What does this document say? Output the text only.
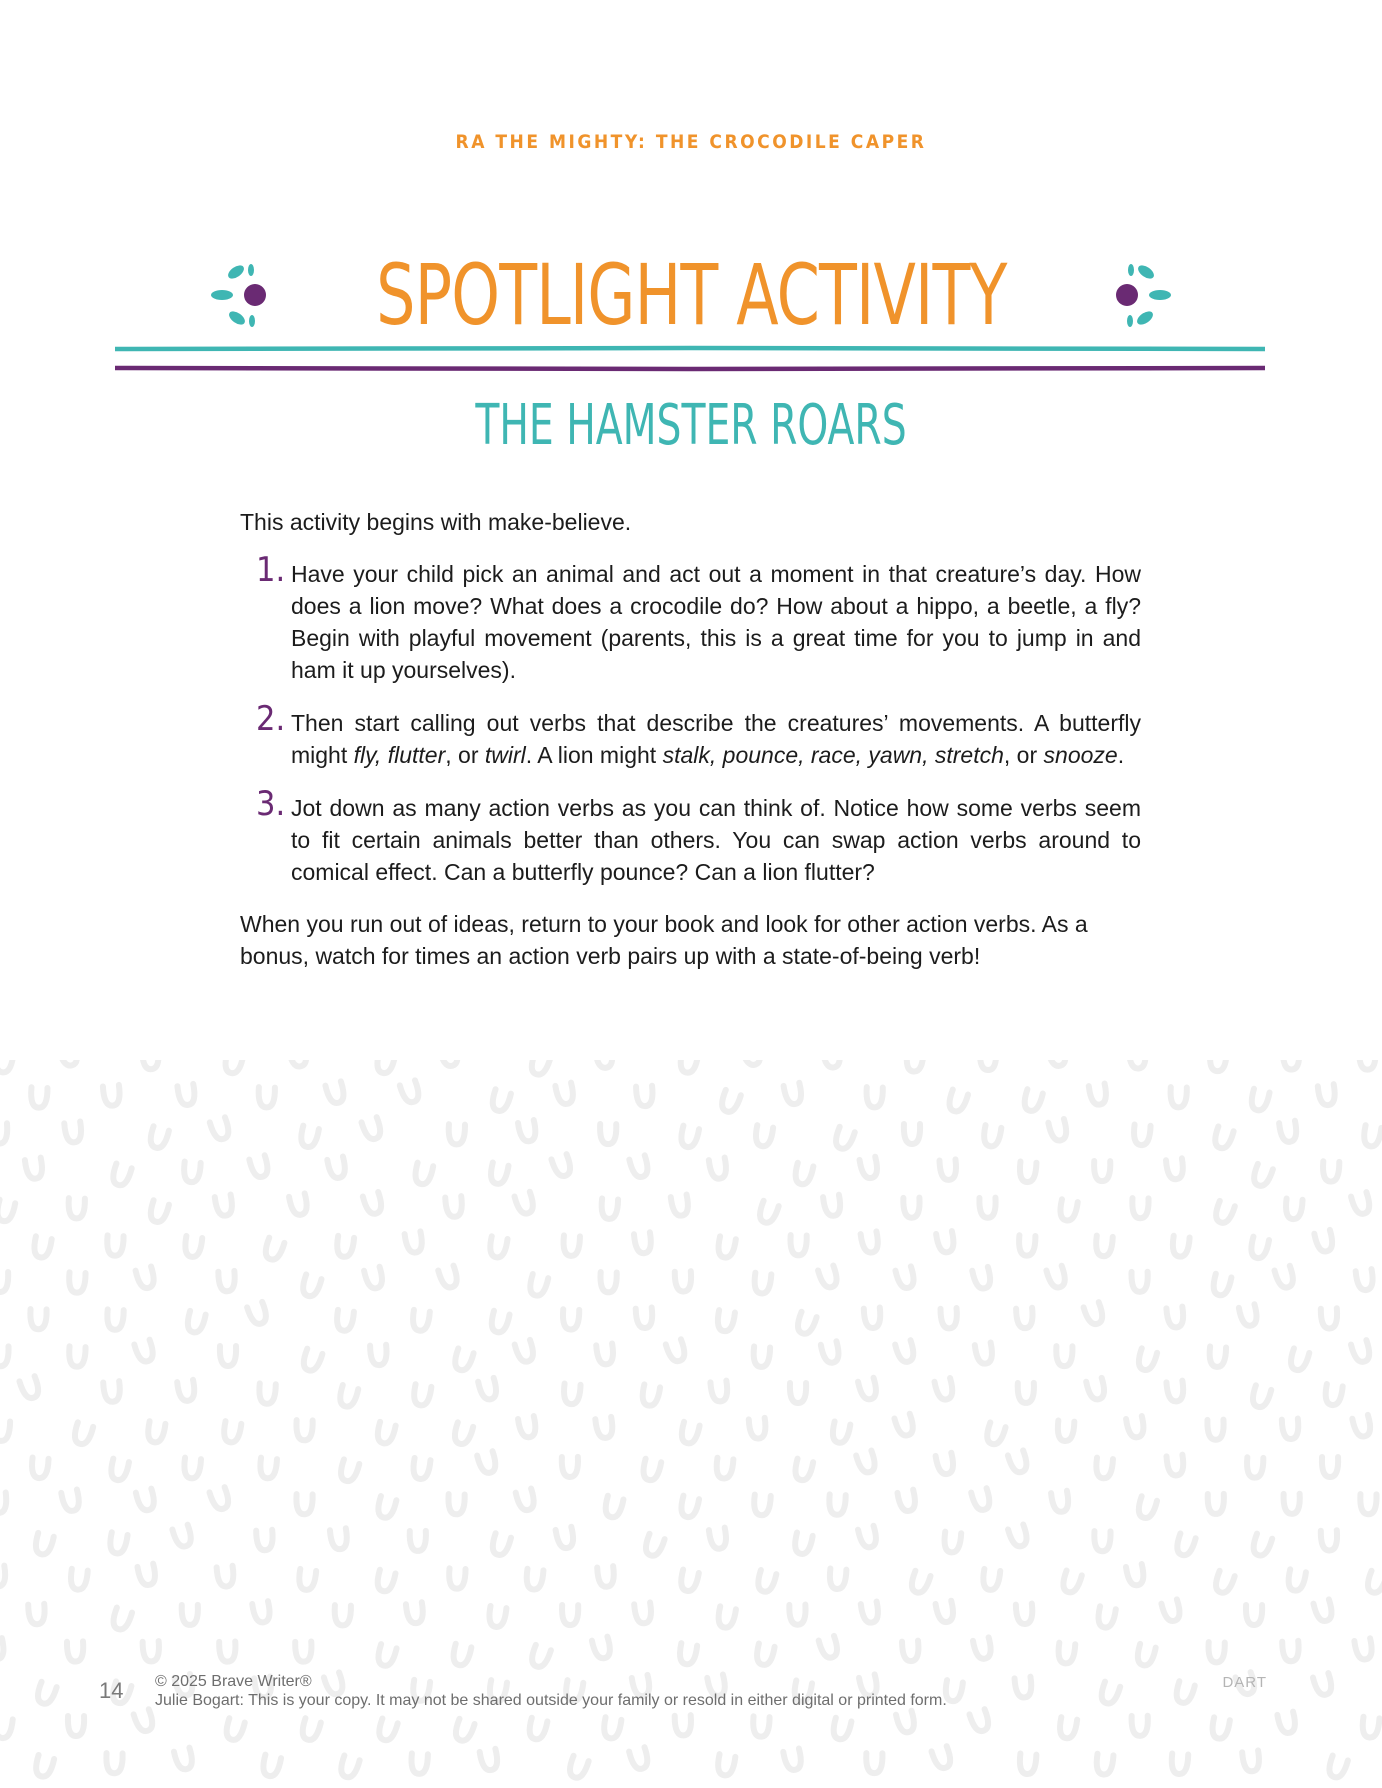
RA THE MIGHTY: THE CROCODILE CAPER
SPOTLIGHT ACTIVITY
THE HAMSTER ROARS

This activity begins with make-believe.

1. Have your child pick an animal and act out a moment in that creature’s day. How does a lion move? What does a crocodile do? How about a hippo, a beetle, a fly? Begin with playful movement (parents, this is a great time for you to jump in and ham it up yourselves).
2. Then start calling out verbs that describe the creatures’ movements. A butterfly might fly, flutter, or twirl. A lion might stalk, pounce, race, yawn, stretch, or snooze.
3. Jot down as many action verbs as you can think of. Notice how some verbs seem to fit certain animals better than others. You can swap action verbs around to comical effect. Can a butterfly pounce? Can a lion flutter?

When you run out of ideas, return to your book and look for other action verbs. As a bonus, watch for times an action verb pairs up with a state-of-being verb!

14 © 2025 Brave Writer®
Julie Bogart: This is your copy. It may not be shared outside your family or resold in either digital or printed form.
DART
